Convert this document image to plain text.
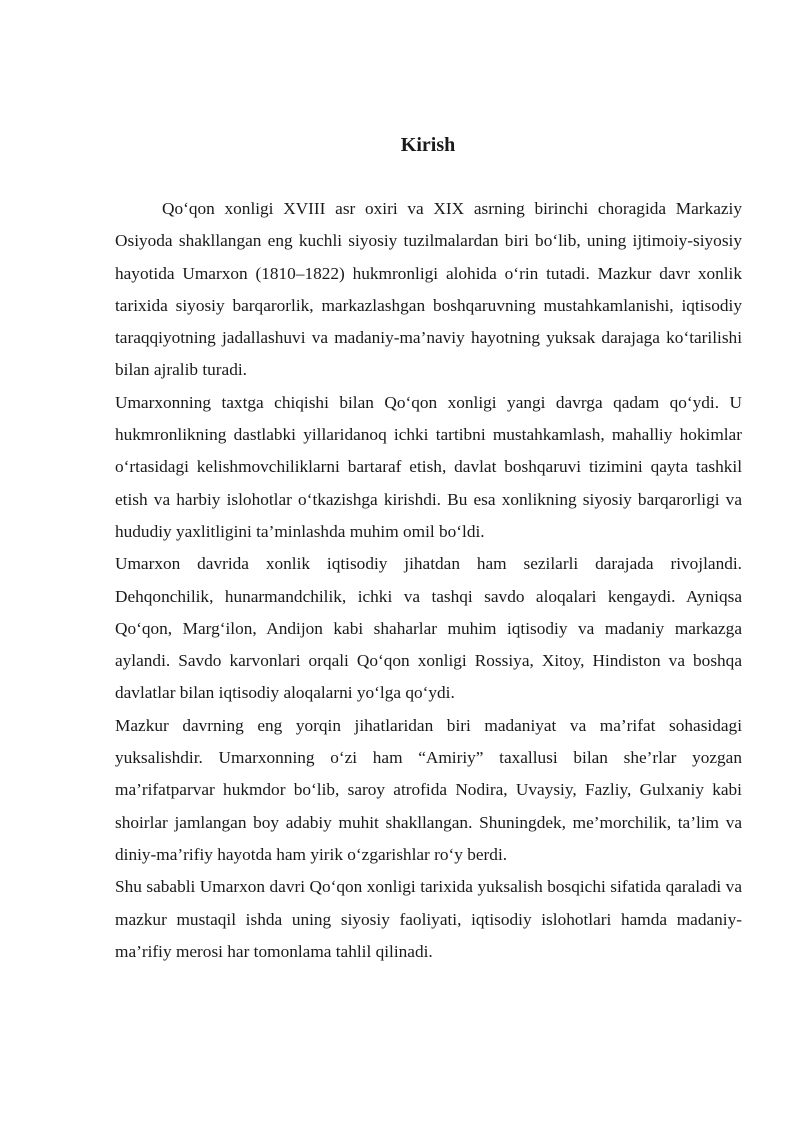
Kirish

Qo‘qon xonligi XVIII asr oxiri va XIX asrning birinchi choragida Markaziy Osiyoda shakllangan eng kuchli siyosiy tuzilmalardan biri bo‘lib, uning ijtimoiy-siyosiy hayotida Umarxon (1810–1822) hukmronligi alohida o‘rin tutadi. Mazkur davr xonlik tarixida siyosiy barqarorlik, markazlashgan boshqaruvning mustahkamlanishi, iqtisodiy taraqqiyotning jadallashuvi va madaniy-ma’naviy hayotning yuksak darajaga ko‘tarilishi bilan ajralib turadi.

Umarxonning taxtga chiqishi bilan Qo‘qon xonligi yangi davrga qadam qo‘ydi. U hukmronlikning dastlabki yillaridanoq ichki tartibni mustahkamlash, mahalliy hokimlar o‘rtasidagi kelishmovchiliklarni bartaraf etish, davlat boshqaruvi tizimini qayta tashkil etish va harbiy islohotlar o‘tkazishga kirishdi. Bu esa xonlikning siyosiy barqarorligi va hududiy yaxlitligini ta’minlashda muhim omil bo‘ldi.

Umarxon davrida xonlik iqtisodiy jihatdan ham sezilarli darajada rivojlandi. Dehqonchilik, hunarmandchilik, ichki va tashqi savdo aloqalari kengaydi. Ayniqsa Qo‘qon, Marg‘ilon, Andijon kabi shaharlar muhim iqtisodiy va madaniy markazga aylandi. Savdo karvonlari orqali Qo‘qon xonligi Rossiya, Xitoy, Hindiston va boshqa davlatlar bilan iqtisodiy aloqalarni yo‘lga qo‘ydi.

Mazkur davrning eng yorqin jihatlaridan biri madaniyat va ma’rifat sohasidagi yuksalishdir. Umarxonning o‘zi ham “Amiriy” taxallusi bilan she’rlar yozgan ma’rifatparvar hukmdor bo‘lib, saroy atrofida Nodira, Uvaysiy, Fazliy, Gulxaniy kabi shoirlar jamlangan boy adabiy muhit shakllangan. Shuningdek, me’morchilik, ta’lim va diniy-ma’rifiy hayotda ham yirik o‘zgarishlar ro‘y berdi.

Shu sababli Umarxon davri Qo‘qon xonligi tarixida yuksalish bosqichi sifatida qaraladi va mazkur mustaqil ishda uning siyosiy faoliyati, iqtisodiy islohotlari hamda madaniy-ma’rifiy merosi har tomonlama tahlil qilinadi.
